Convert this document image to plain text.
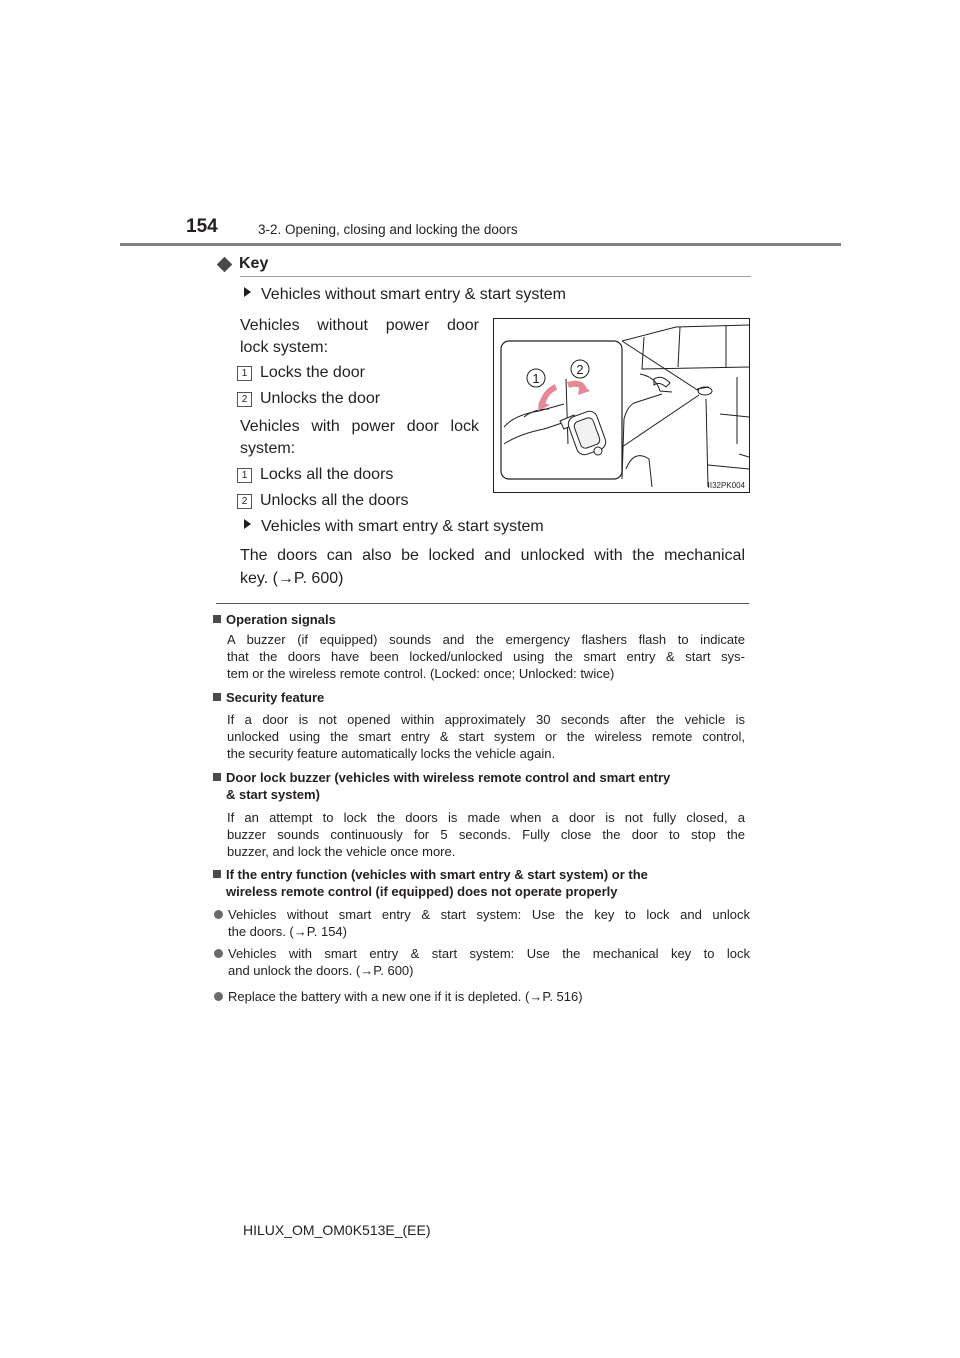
154	3-2. Opening, closing and locking the doors
Key
Vehicles without smart entry & start system
Vehicles without power door
lock system:
1 Locks the door
2 Unlocks the door
Vehicles with power door lock
system:
1 Locks all the doors
2 Unlocks all the doors
Vehicles with smart entry & start system
The doors can also be locked and unlocked with the mechanical
key. (→P. 600)
1
2
II32PK004
Operation signals
A buzzer (if equipped) sounds and the emergency flashers flash to indicate
that the doors have been locked/unlocked using the smart entry & start sys-
tem or the wireless remote control. (Locked: once; Unlocked: twice)
Security feature
If a door is not opened within approximately 30 seconds after the vehicle is
unlocked using the smart entry & start system or the wireless remote control,
the security feature automatically locks the vehicle again.
Door lock buzzer (vehicles with wireless remote control and smart entry
& start system)
If an attempt to lock the doors is made when a door is not fully closed, a
buzzer sounds continuously for 5 seconds. Fully close the door to stop the
buzzer, and lock the vehicle once more.
If the entry function (vehicles with smart entry & start system) or the
wireless remote control (if equipped) does not operate properly
Vehicles without smart entry & start system: Use the key to lock and unlock
the doors. (→P. 154)
Vehicles with smart entry & start system: Use the mechanical key to lock
and unlock the doors. (→P. 600)
Replace the battery with a new one if it is depleted. (→P. 516)
HILUX_OM_OM0K513E_(EE)
